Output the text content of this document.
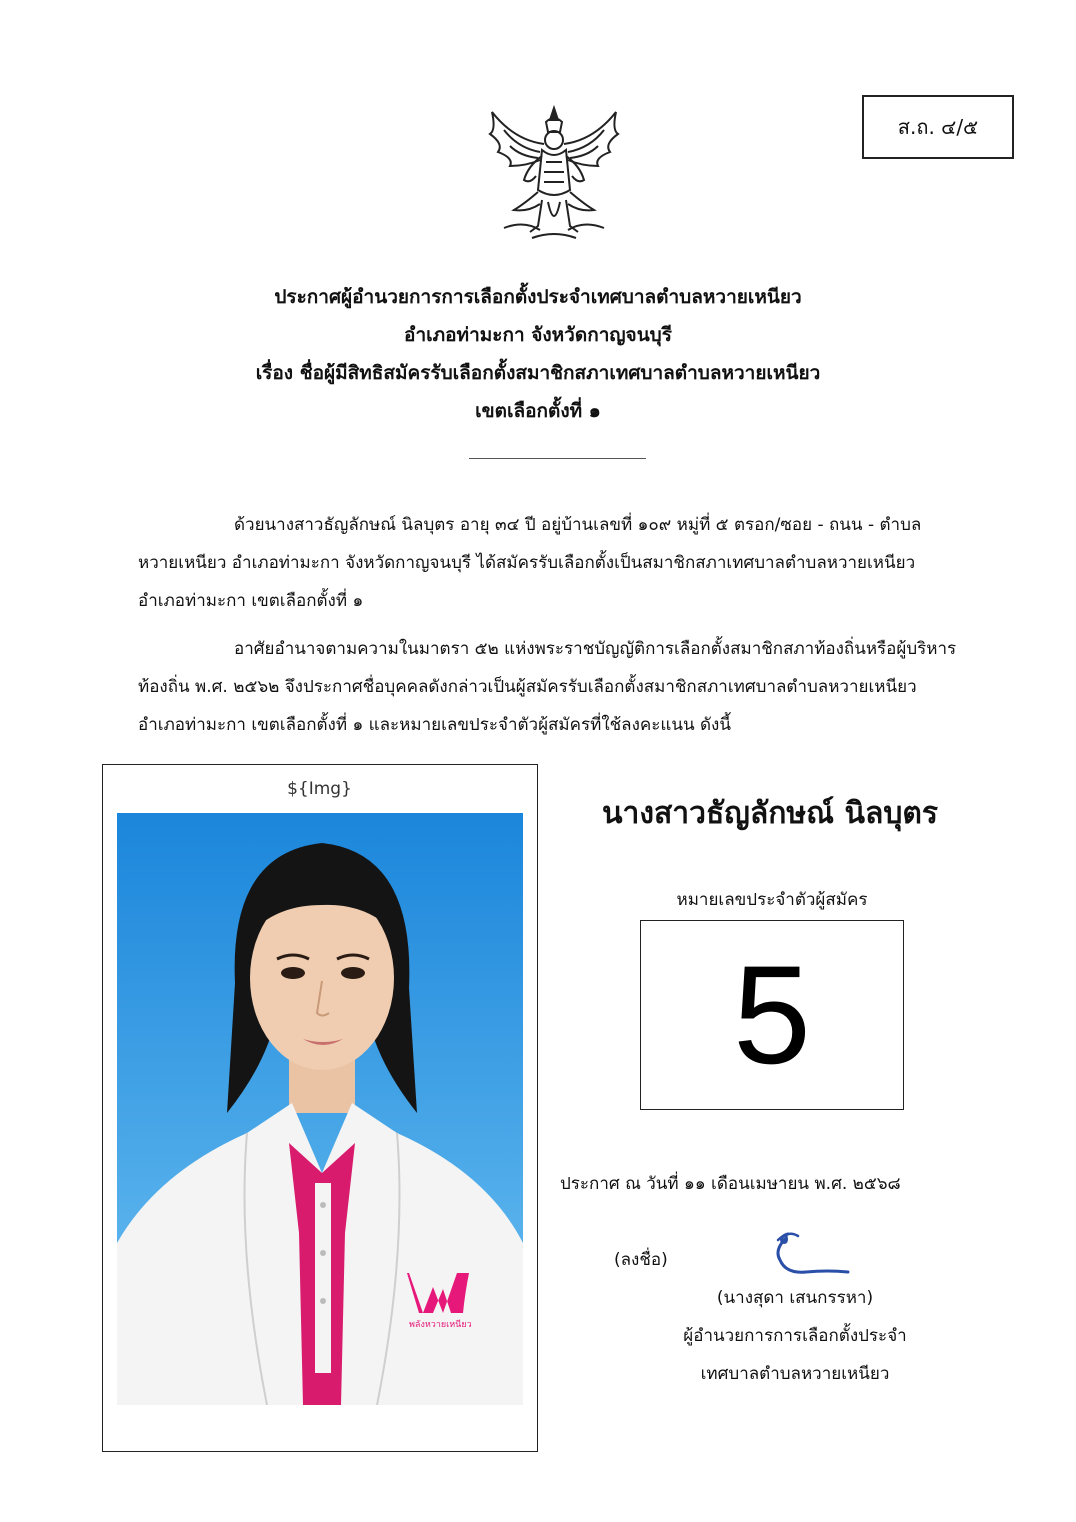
ส.ถ. ๔/๕
ประกาศผู้อำนวยการการเลือกตั้งประจำเทศบาลตำบลหวายเหนียว
อำเภอท่ามะกา จังหวัดกาญจนบุรี
เรื่อง ชื่อผู้มีสิทธิสมัครรับเลือกตั้งสมาชิกสภาเทศบาลตำบลหวายเหนียว
เขตเลือกตั้งที่ ๑
ด้วยนางสาวธัญลักษณ์ นิลบุตร อายุ ๓๔ ปี อยู่บ้านเลขที่ ๑๐๙ หมู่ที่ ๕ ตรอก/ซอย - ถนน - ตำบล
หวายเหนียว อำเภอท่ามะกา จังหวัดกาญจนบุรี ได้สมัครรับเลือกตั้งเป็นสมาชิกสภาเทศบาลตำบลหวายเหนียว
อำเภอท่ามะกา เขตเลือกตั้งที่ ๑
อาศัยอำนาจตามความในมาตรา ๕๒ แห่งพระราชบัญญัติการเลือกตั้งสมาชิกสภาท้องถิ่นหรือผู้บริหาร
ท้องถิ่น พ.ศ. ๒๕๖๒ จึงประกาศชื่อบุคคลดังกล่าวเป็นผู้สมัครรับเลือกตั้งสมาชิกสภาเทศบาลตำบลหวายเหนียว
อำเภอท่ามะกา เขตเลือกตั้งที่ ๑ และหมายเลขประจำตัวผู้สมัครที่ใช้ลงคะแนน ดังนี้
${Img}
พลังหวายเหนียว
นางสาวธัญลักษณ์ นิลบุตร
หมายเลขประจำตัวผู้สมัคร
5
ประกาศ ณ วันที่ ๑๑ เดือนเมษายน พ.ศ. ๒๕๖๘
(ลงชื่อ)
(นางสุดา เสนกรรหา)
ผู้อำนวยการการเลือกตั้งประจำ
เทศบาลตำบลหวายเหนียว
